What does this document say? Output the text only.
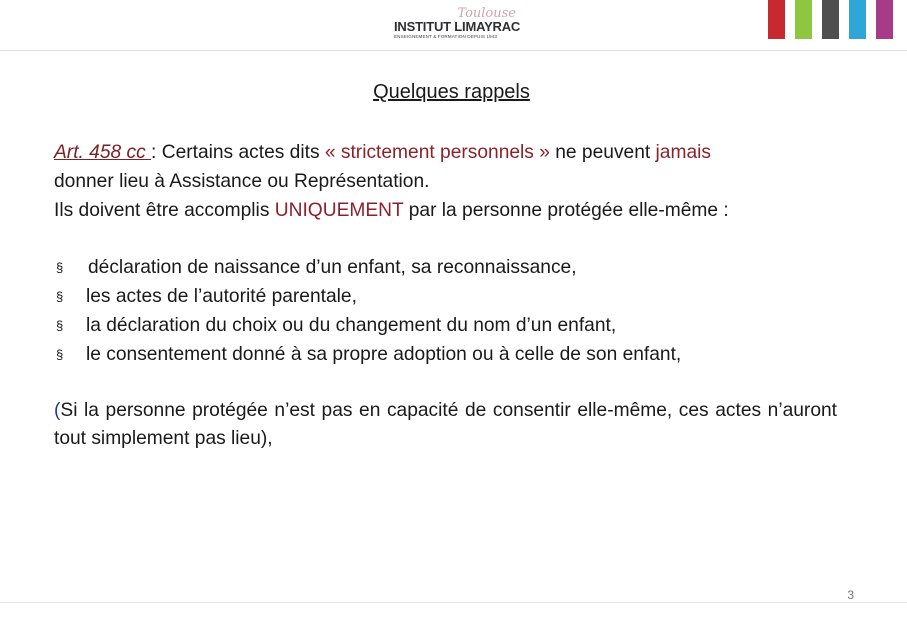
Toulouse
INSTITUT LIMAYRAC
ENSEIGNEMENT & FORMATION DEPUIS 1943
Quelques rappels
Art. 458 cc : Certains actes dits « strictement personnels » ne peuvent jamais
donner lieu à Assistance ou Représentation.
Ils doivent être accomplis UNIQUEMENT par la personne protégée elle-même :
§ déclaration de naissance d’un enfant, sa reconnaissance,
§ les actes de l’autorité parentale,
§ la déclaration du choix ou du changement du nom d’un enfant,
§ le consentement donné à sa propre adoption ou à celle de son enfant,
(Si la personne protégée n’est pas en capacité de consentir elle-même, ces actes n’auront tout simplement pas lieu),
3
